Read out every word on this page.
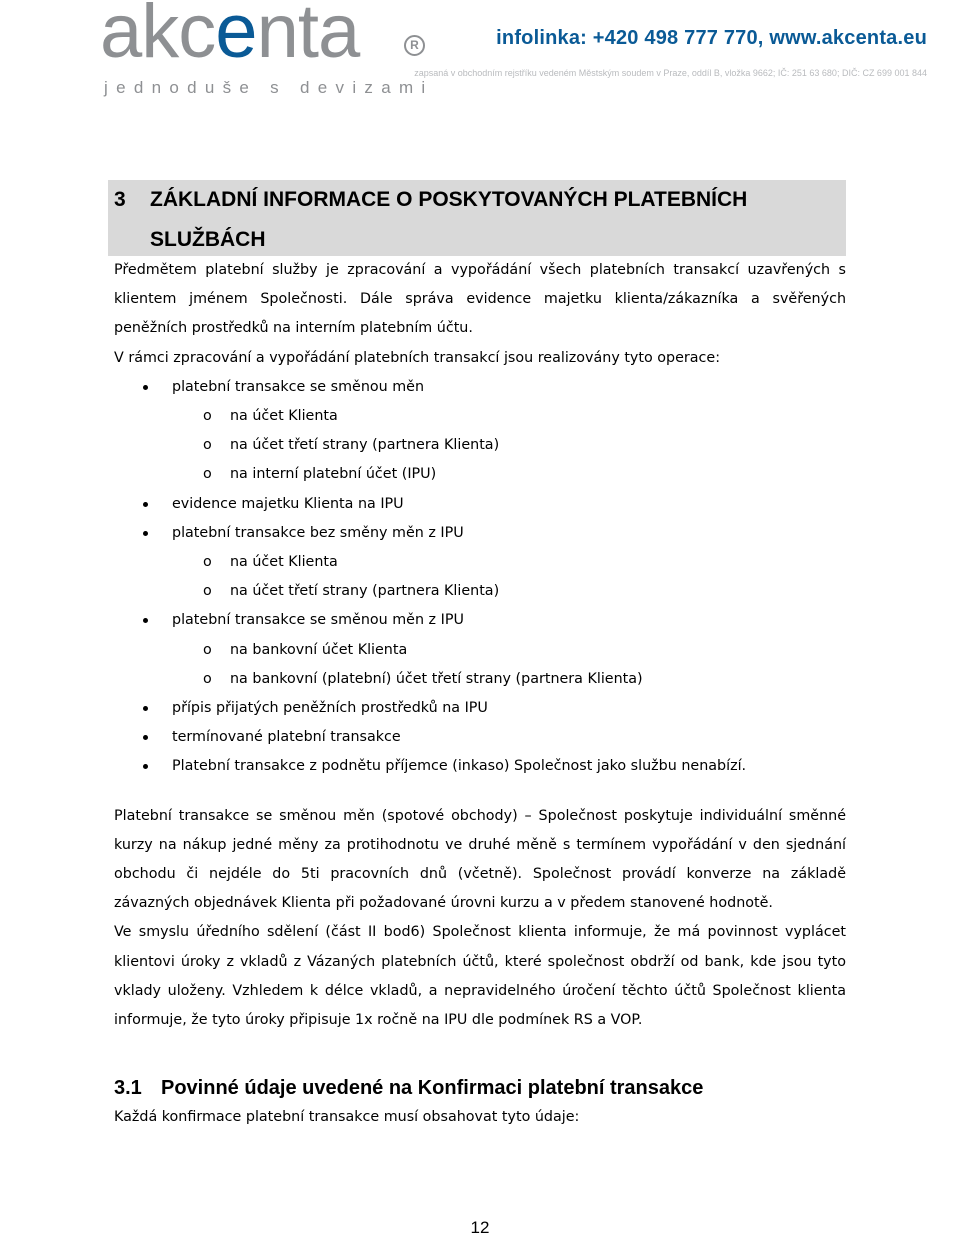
akcenta	R
jednoduše s devizami
infolinka: +420 498 777 770, www.akcenta.eu
zapsaná v obchodním rejstříku vedeném Městským soudem v Praze, oddíl B, vložka 9662; IČ: 251 63 680; DIČ: CZ 699 001 844
3	ZÁKLADNÍ INFORMACE O POSKYTOVANÝCH PLATEBNÍCH SLUŽBÁCH
Předmětem platební služby je zpracování a vypořádání všech platebních transakcí uzavřených s klientem jménem Společnosti. Dále správa evidence majetku klienta/zákazníka a svěřených peněžních prostředků na interním platebním účtu.
V rámci zpracování a vypořádání platebních transakcí jsou realizovány tyto operace:
platební transakce se směnou měn
o na účet Klienta
o na účet třetí strany (partnera Klienta)
o na interní platební účet (IPU)
evidence majetku Klienta na IPU
platební transakce bez směny měn z IPU
o na účet Klienta
o na účet třetí strany (partnera Klienta)
platební transakce se směnou měn z IPU
o na bankovní účet Klienta
o na bankovní (platební) účet třetí strany (partnera Klienta)
přípis přijatých peněžních prostředků na IPU
termínované platební transakce
Platební transakce z podnětu příjemce (inkaso) Společnost jako službu nenabízí.
Platební transakce se směnou měn (spotové obchody) – Společnost poskytuje individuální směnné kurzy na nákup jedné měny za protihodnotu ve druhé měně s termínem vypořádání v den sjednání obchodu či nejdéle do 5ti pracovních dnů (včetně). Společnost provádí konverze na základě závazných objednávek Klienta při požadované úrovni kurzu a v předem stanovené hodnotě.
Ve smyslu úředního sdělení (část II bod6) Společnost klienta informuje, že má povinnost vyplácet klientovi úroky z vkladů z Vázaných platebních účtů, které společnost obdrží od bank, kde jsou tyto vklady uloženy. Vzhledem k délce vkladů, a nepravidelného úročení těchto účtů Společnost klienta informuje, že tyto úroky připisuje 1x ročně na IPU dle podmínek RS a VOP.
3.1 Povinné údaje uvedené na Konfirmaci platební transakce
Každá konfirmace platební transakce musí obsahovat tyto údaje:
12
